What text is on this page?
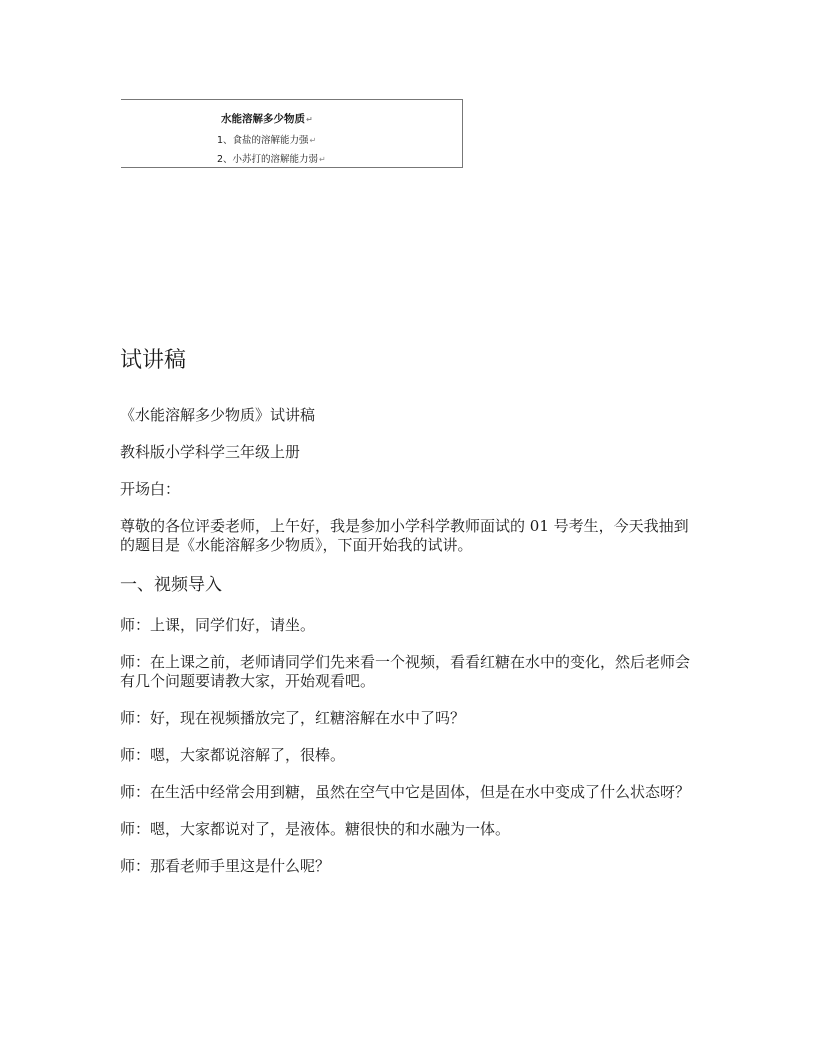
水能溶解多少物质↵
1、食盐的溶解能力强↵
2、小苏打的溶解能力弱↵
试讲稿

《水能溶解多少物质》试讲稿

教科版小学科学三年级上册

开场白：

尊敬的各位评委老师，上午好，我是参加小学科学教师面试的 01 号考生，今天我抽到的题目是《水能溶解多少物质》，下面开始我的试讲。

一、视频导入

师：上课，同学们好，请坐。

师：在上课之前，老师请同学们先来看一个视频，看看红糖在水中的变化，然后老师会有几个问题要请教大家，开始观看吧。

师：好，现在视频播放完了，红糖溶解在水中了吗？

师：嗯，大家都说溶解了，很棒。

师：在生活中经常会用到糖，虽然在空气中它是固体，但是在水中变成了什么状态呀？

师：嗯，大家都说对了，是液体。糖很快的和水融为一体。

师：那看老师手里这是什么呢？
